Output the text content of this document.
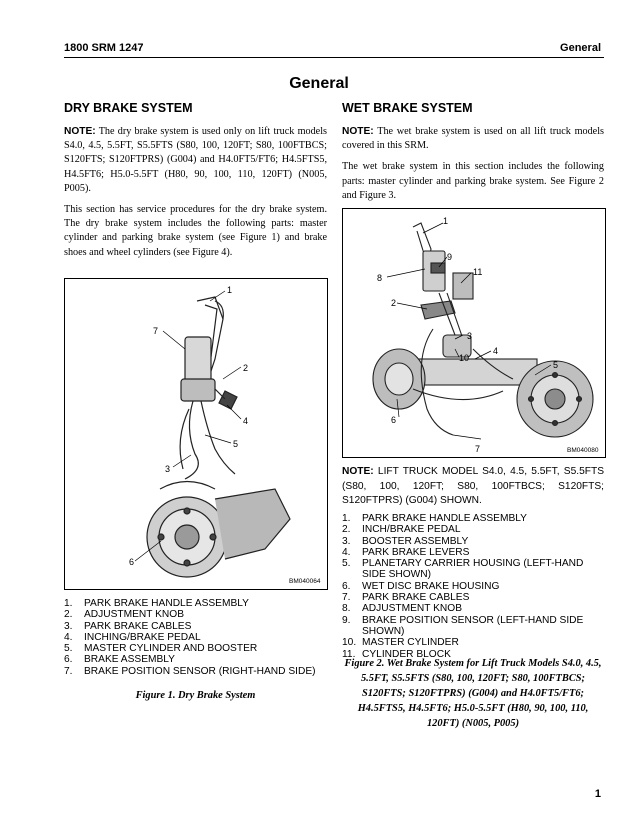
1800 SRM 1247	General
General
DRY BRAKE SYSTEM

NOTE: The dry brake system is used only on lift truck models S4.0, 4.5, 5.5FT, S5.5FTS (S80, 100, 120FT; S80, 100FTBCS; S120FTS; S120FTPRS) (G004) and H4.0FT5/FT6; H4.5FTS5, H4.5FT6; H5.0-5.5FT (H80, 90, 100, 110, 120FT) (N005, P005).

This section has service procedures for the dry brake system. The dry brake system includes the following parts: master cylinder and parking brake system (see Figure 1) and brake shoes and wheel cylinders (see Figure 4).

1
7
2
4
5
3
6
BM040064
1.	PARK BRAKE HANDLE ASSEMBLY
2.	ADJUSTMENT KNOB
3.	PARK BRAKE CABLES
4.	INCHING/BRAKE PEDAL
5.	MASTER CYLINDER AND BOOSTER
6.	BRAKE ASSEMBLY
7.	BRAKE POSITION SENSOR (RIGHT-HAND SIDE)

Figure 1. Dry Brake System

WET BRAKE SYSTEM

NOTE: The wet brake system is used on all lift truck models covered in this SRM.

The wet brake system in this section includes the following parts: master cylinder and parking brake system. See Figure 2 and Figure 3.

1
9
8
11
2
3
4
10
5
6
7	BM040080

NOTE: LIFT TRUCK MODEL S4.0, 4.5, 5.5FT, S5.5FTS (S80, 100, 120FT; S80, 100FTBCS; S120FTS; S120FTPRS) (G004) SHOWN.

1.	PARK BRAKE HANDLE ASSEMBLY
2.	INCH/BRAKE PEDAL
3.	BOOSTER ASSEMBLY
4.	PARK BRAKE LEVERS
5.	PLANETARY CARRIER HOUSING (LEFT-HAND SIDE SHOWN)
6.	WET DISC BRAKE HOUSING
7.	PARK BRAKE CABLES
8.	ADJUSTMENT KNOB
9.	BRAKE POSITION SENSOR (LEFT-HAND SIDE SHOWN)
10. MASTER CYLINDER
11. CYLINDER BLOCK

Figure 2. Wet Brake System for Lift Truck Models S4.0, 4.5, 5.5FT, S5.5FTS (S80, 100, 120FT; S80, 100FTBCS; S120FTS; S120FTPRS) (G004) and H4.0FT5/FT6; H4.5FTS5, H4.5FT6; H5.0-5.5FT (H80, 90, 100, 110, 120FT) (N005, P005)

1
